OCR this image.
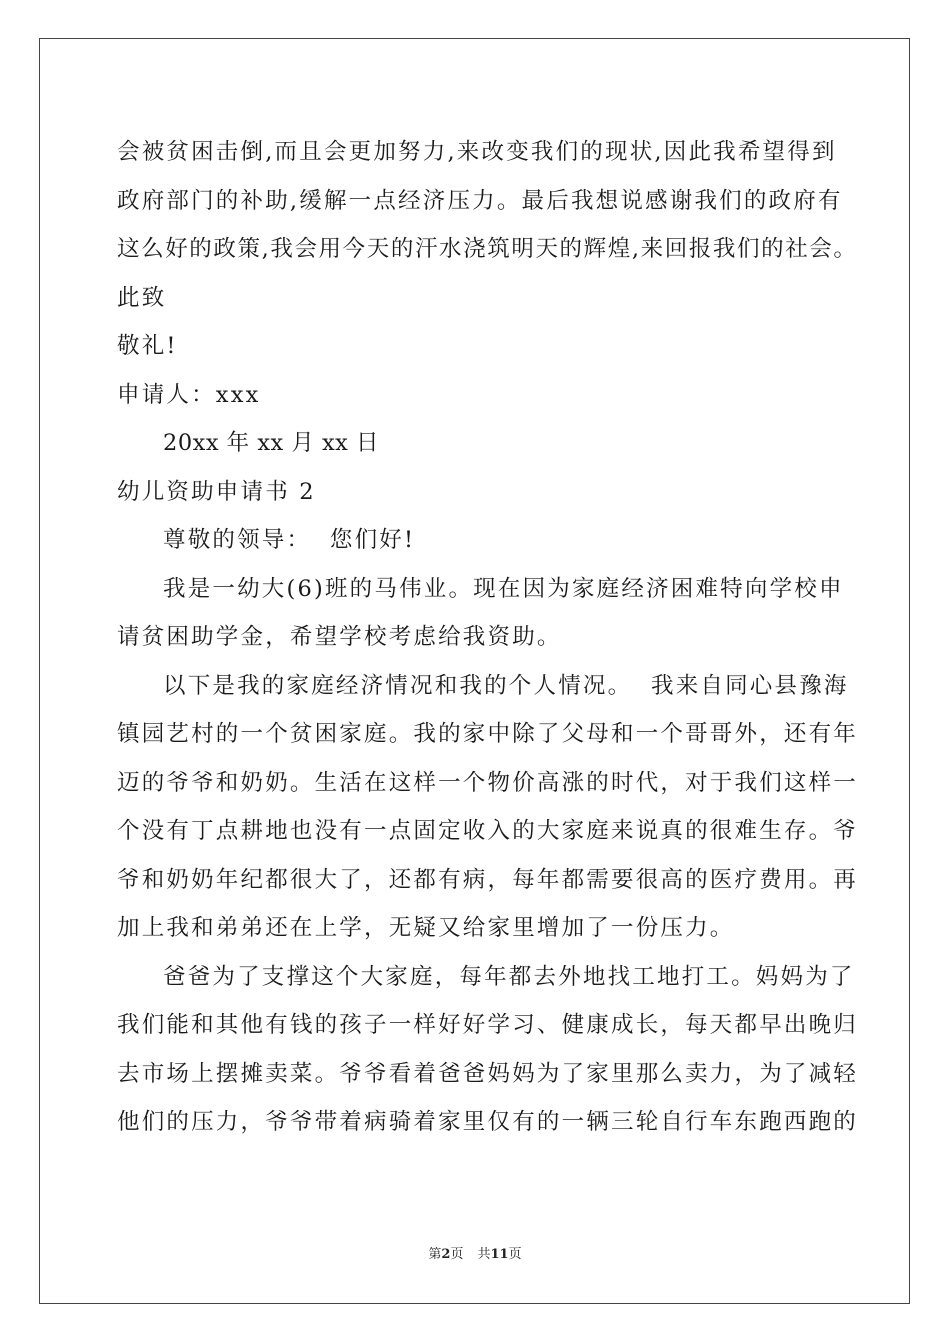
会被贫困击倒,而且会更加努力,来改变我们的现状,因此我希望得到
政府部门的补助,缓解一点经济压力。最后我想说感谢我们的政府有
这么好的政策,我会用今天的汗水浇筑明天的辉煌,来回报我们的社会。
此致
敬礼!
申请人：xxx
20xx 年 xx 月 xx 日
幼儿资助申请书 2
尊敬的领导：  您们好!
我是一幼大(6)班的马伟业。现在因为家庭经济困难特向学校申
请贫困助学金，希望学校考虑给我资助。
以下是我的家庭经济情况和我的个人情况。  我来自同心县豫海
镇园艺村的一个贫困家庭。我的家中除了父母和一个哥哥外，还有年
迈的爷爷和奶奶。生活在这样一个物价高涨的时代，对于我们这样一
个没有丁点耕地也没有一点固定收入的大家庭来说真的很难生存。爷
爷和奶奶年纪都很大了，还都有病，每年都需要很高的医疗费用。再
加上我和弟弟还在上学，无疑又给家里增加了一份压力。
爸爸为了支撑这个大家庭，每年都去外地找工地打工。妈妈为了
我们能和其他有钱的孩子一样好好学习、健康成长，每天都早出晚归
去市场上摆摊卖菜。爷爷看着爸爸妈妈为了家里那么卖力，为了减轻
他们的压力，爷爷带着病骑着家里仅有的一辆三轮自行车东跑西跑的
第2页 共11页
